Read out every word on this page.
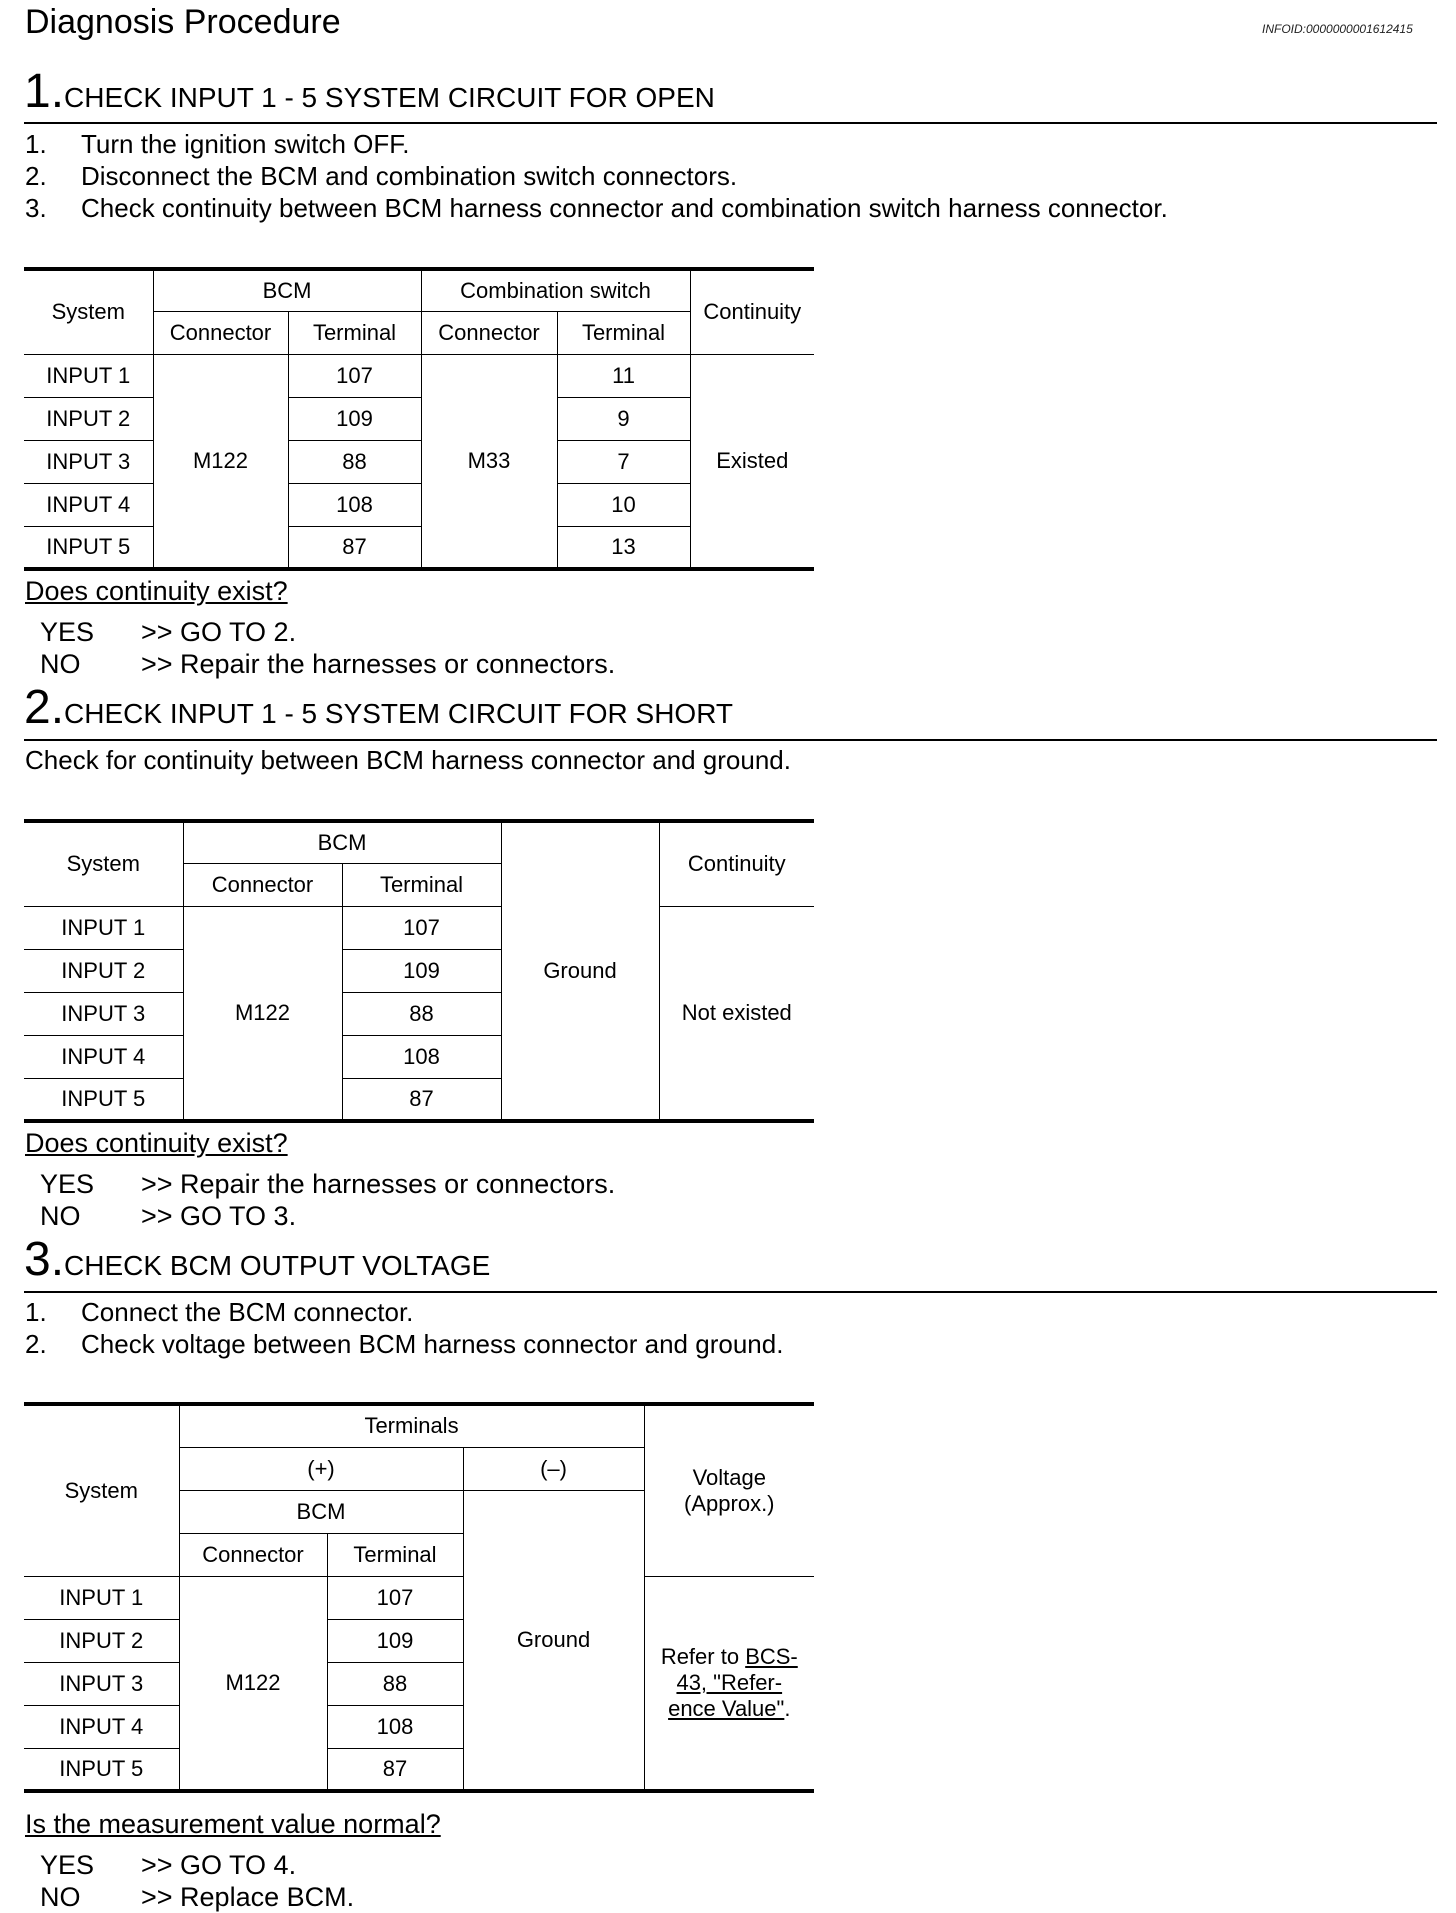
Diagnosis Procedure	INFOID:0000000001612415
1.CHECK INPUT 1 - 5 SYSTEM CIRCUIT FOR OPEN
1. Turn the ignition switch OFF.
2. Disconnect the BCM and combination switch connectors.
3. Check continuity between BCM harness connector and combination switch harness connector.
System	BCM		Combination switch		Continuity
	Connector	Terminal	Connector	Terminal	
INPUT 1	M122	107	M33	11	Existed
INPUT 2		109		9	
INPUT 3		88		7	
INPUT 4		108		10	
INPUT 5		87		13	
Does continuity exist?
YES >> GO TO 2.
NO >> Repair the harnesses or connectors.
2.CHECK INPUT 1 - 5 SYSTEM CIRCUIT FOR SHORT
Check for continuity between BCM harness connector and ground.
System	BCM		Ground	Continuity
	Connector	Terminal		
INPUT 1	M122	107		Not existed
INPUT 2		109		
INPUT 3		88		
INPUT 4		108		
INPUT 5		87		
Does continuity exist?
YES >> Repair the harnesses or connectors.
NO >> GO TO 3.
3.CHECK BCM OUTPUT VOLTAGE
1. Connect the BCM connector.
2. Check voltage between BCM harness connector and ground.
System	Terminals			Voltage
(Approx.)
	(+)		(–)	
	BCM		Ground	
	Connector	Terminal		
INPUT 1	M122	107		Refer to BCS-
43, "Refer-
ence Value".
INPUT 2		109		
INPUT 3		88		
INPUT 4		108		
INPUT 5		87		
Is the measurement value normal?
YES >> GO TO 4.
NO >> Replace BCM.
